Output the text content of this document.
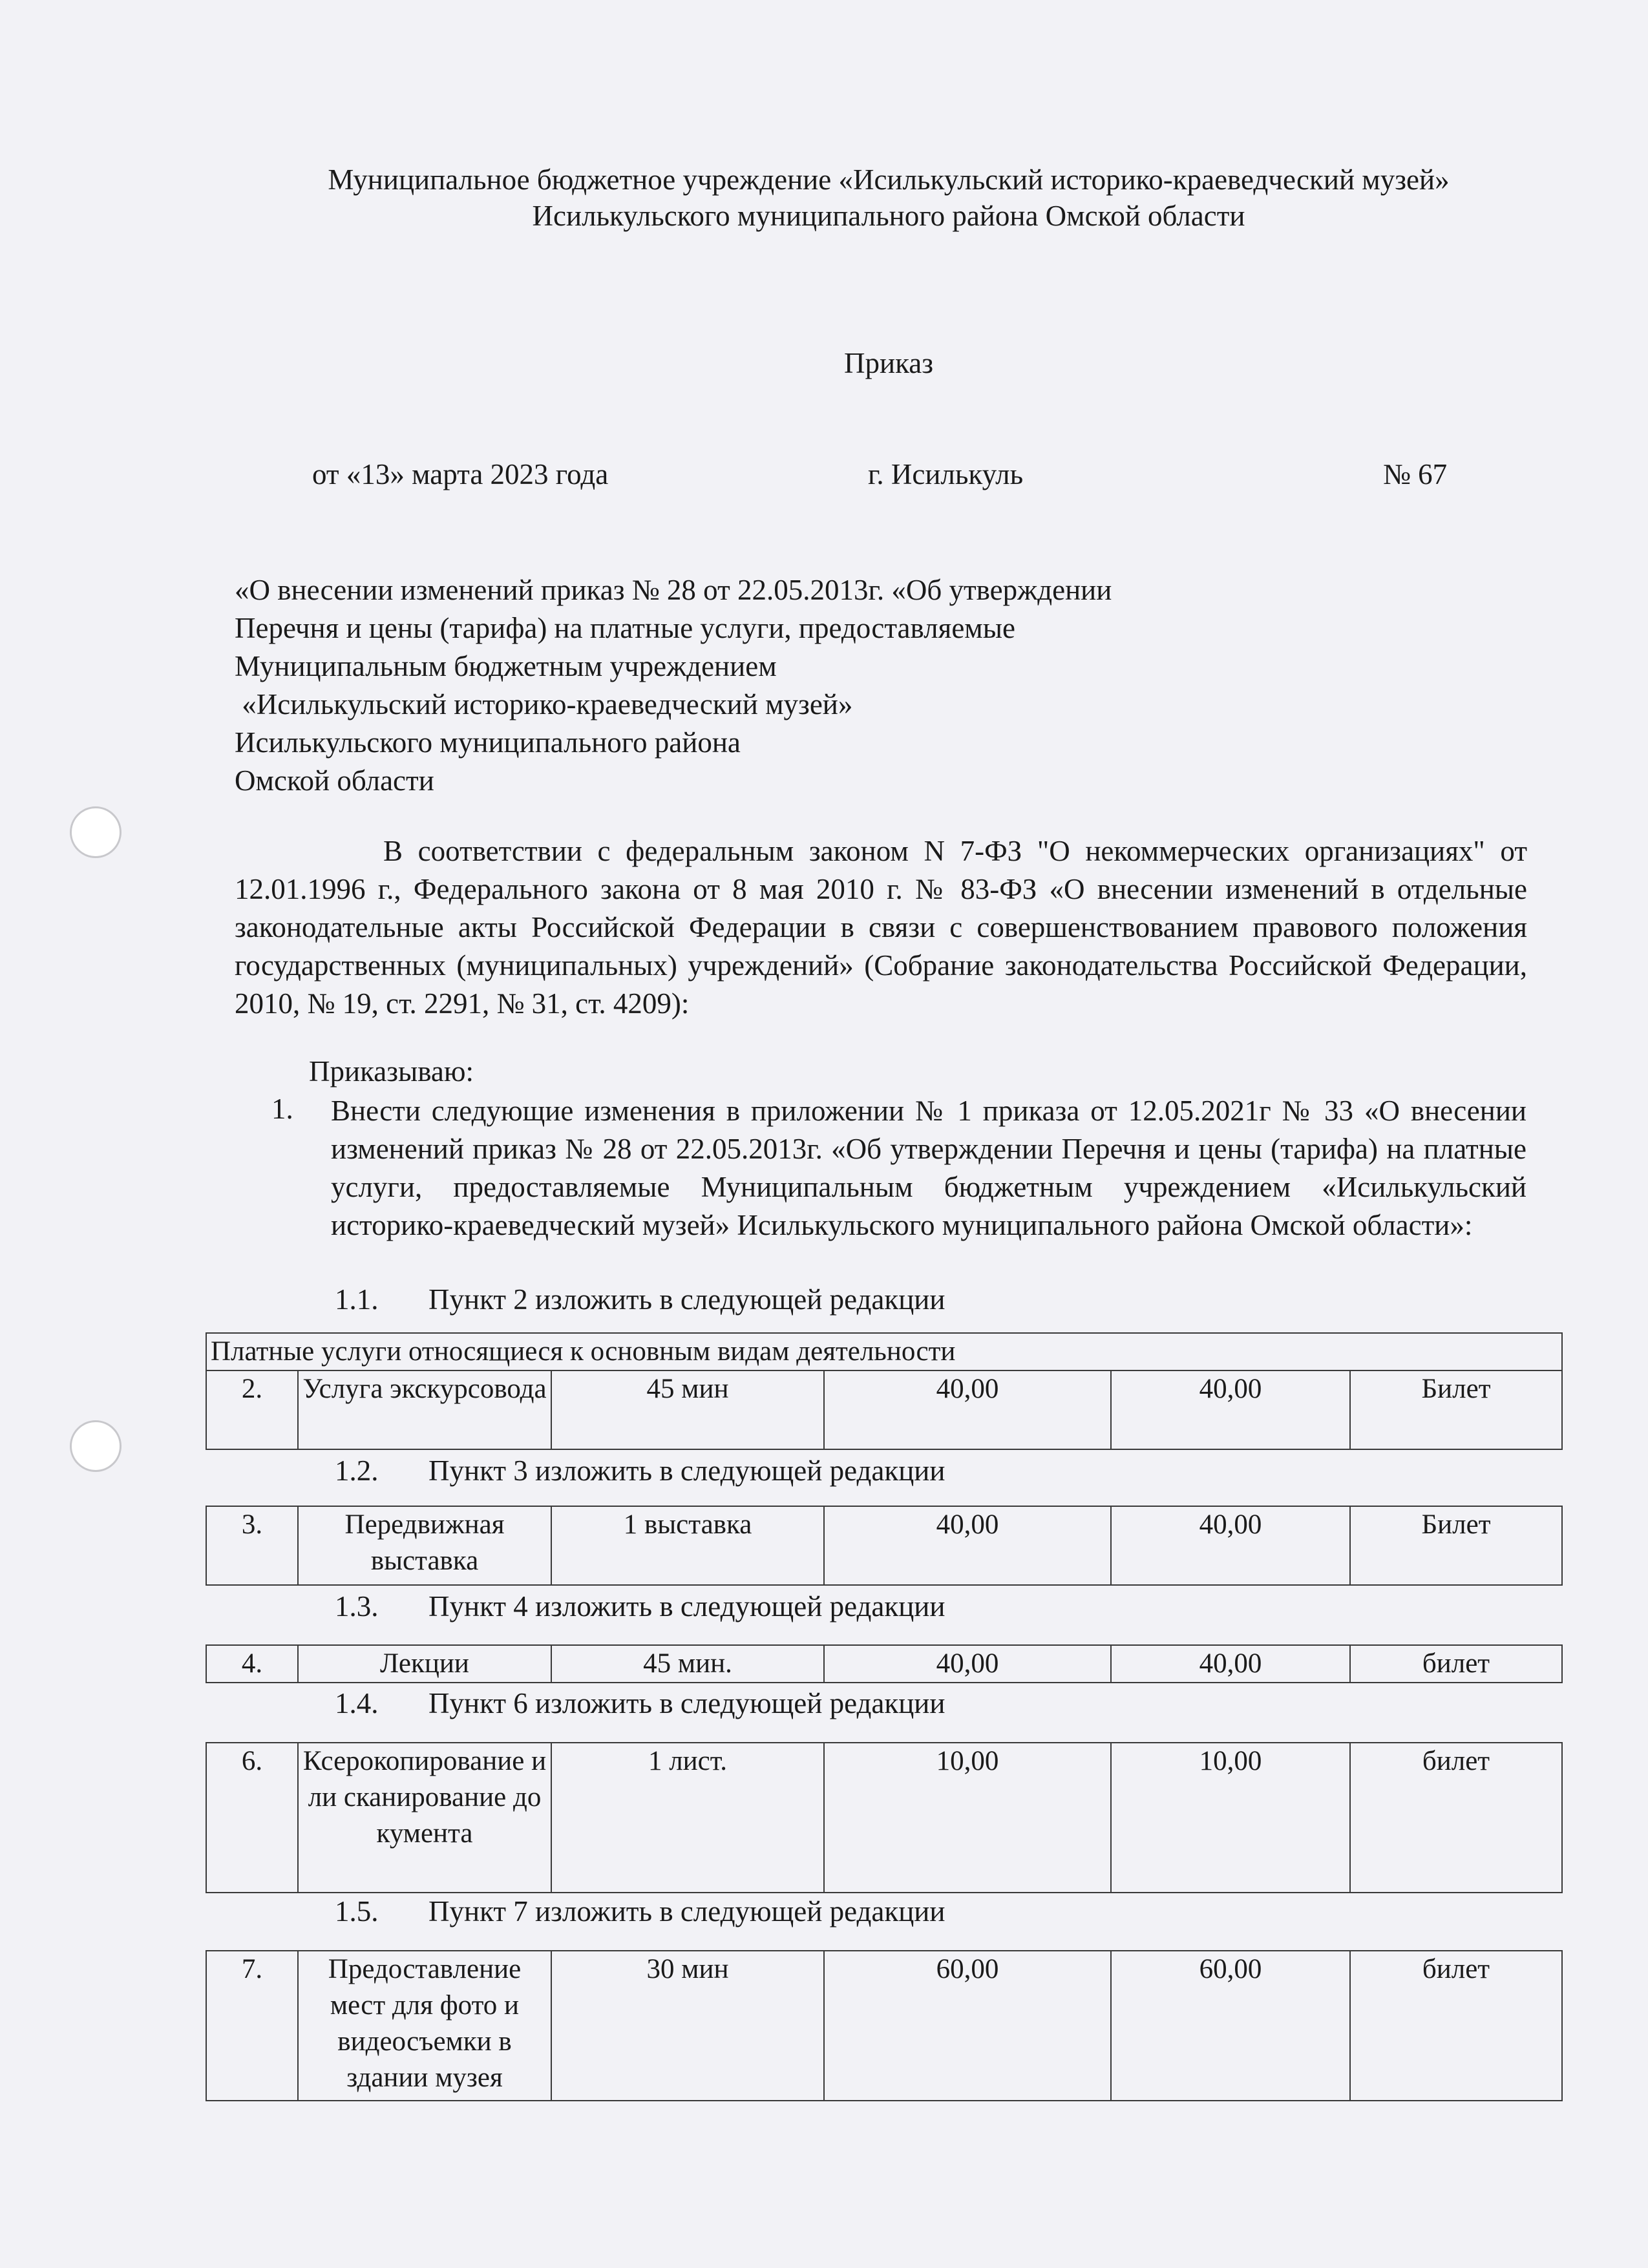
Муниципальное бюджетное учреждение «Исилькульский историко-краеведческий музей»
Исилькульского муниципального района Омской области
Приказ
от «13» марта 2023 года	г. Исилькуль	№ 67
«О внесении изменений приказ № 28 от 22.05.2013г. «Об утверждении
Перечня и цены (тарифа) на платные услуги, предоставляемые
Муниципальным бюджетным учреждением
«Исилькульский историко-краеведческий музей»
Исилькульского муниципального района
Омской области
В соответствии с федеральным законом N 7-ФЗ "О некоммерческих организациях" от 12.01.1996 г., Федерального закона от 8 мая 2010 г. № 83-ФЗ «О внесении изменений в отдельные законодательные акты Российской Федерации в связи с совершенствованием правового положения государственных (муниципальных) учреждений» (Собрание законодательства Российской Федерации, 2010, № 19, ст. 2291, № 31, ст. 4209):
Приказываю:
1. Внести следующие изменения в приложении № 1 приказа от 12.05.2021г № 33 «О внесении изменений приказ № 28 от 22.05.2013г. «Об утверждении Перечня и цены (тарифа) на платные услуги, предоставляемые Муниципальным бюджетным учреждением «Исилькульский историко-краеведческий музей» Исилькульского муниципального района Омской области»:
1.1. Пункт 2 изложить в следующей редакции
1.2. Пункт 3 изложить в следующей редакции
1.3. Пункт 4 изложить в следующей редакции
1.4. Пункт 6 изложить в следующей редакции
1.5. Пункт 7 изложить в следующей редакции
Платные услуги относящиеся к основным видам деятельности
2.	Услуга экскурсовода	45 мин	40,00	40,00	Билет
3.	Передвижная выставка	1 выставка	40,00	40,00	Билет
4.	Лекции	45 мин.	40,00	40,00	билет
6.	Ксерокопирование или сканирование документа	1 лист.	10,00	10,00	билет
7.	Предоставление мест для фото и видеосъемки в здании музея	30 мин	60,00	60,00	билет
